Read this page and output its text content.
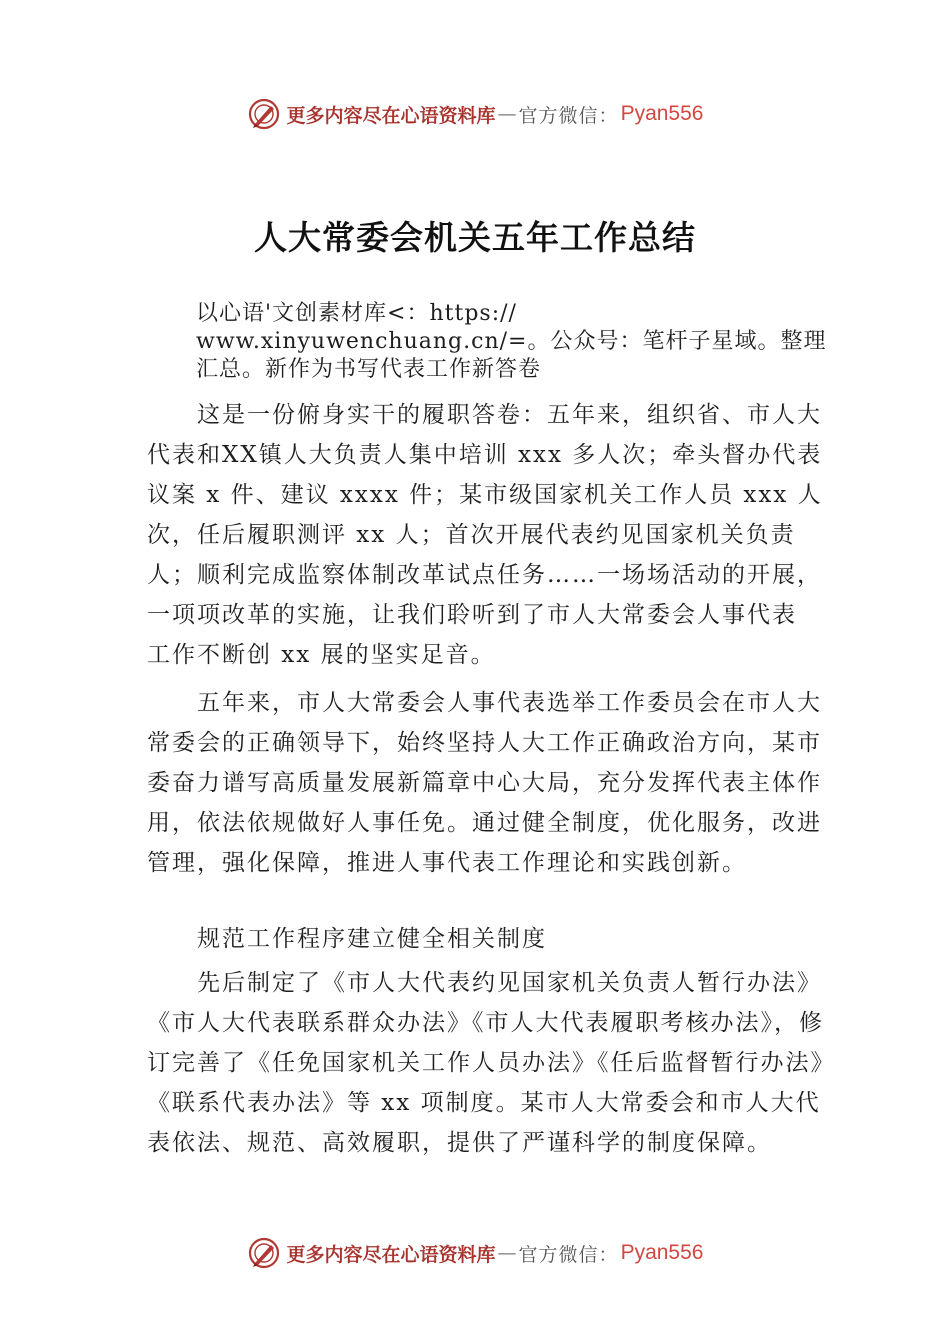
更多内容尽在心语资料库 — 官方微信： Pyan556
人大常委会机关五年工作总结
以心语'文创素材库<：https://
www.xinyuwenchuang.cn/=。公众号：笔杆子星域。整理
汇总。新作为书写代表工作新答卷

这是一份俯身实干的履职答卷：五年来，组织省、市人大代表和XX镇人大负责人集中培训 xxx 多人次；牵头督办代表议案 x 件、建议 xxxx 件；某市级国家机关工作人员 xxx 人次，任后履职测评 xx 人；首次开展代表约见国家机关负责人；顺利完成监察体制改革试点任务……一场场活动的开展， 一项项改革的实施，让我们聆听到了市人大常委会人事代表 工作不断创 xx 展的坚实足音。

五年来，市人大常委会人事代表选举工作委员会在市人大常委会的正确领导下，始终坚持人大工作正确政治方向，某市委奋力谱写高质量发展新篇章中心大局，充分发挥代表主体作用，依法依规做好人事任免。通过健全制度，优化服务，改进管理，强化保障，推进人事代表工作理论和实践创新。

规范工作程序建立健全相关制度

先后制定了《市人大代表约见国家机关负责人暂行办法》《市人大代表联系群众办法》《市人大代表履职考核办法》，修订完善了《任免国家机关工作人员办法》《任后监督暂行办法》《联系代表办法》等 xx 项制度。某市人大常委会和市人大代表依法、规范、高效履职，提供了严谨科学的制度保障。

更多内容尽在心语资料库 — 官方微信： Pyan556
